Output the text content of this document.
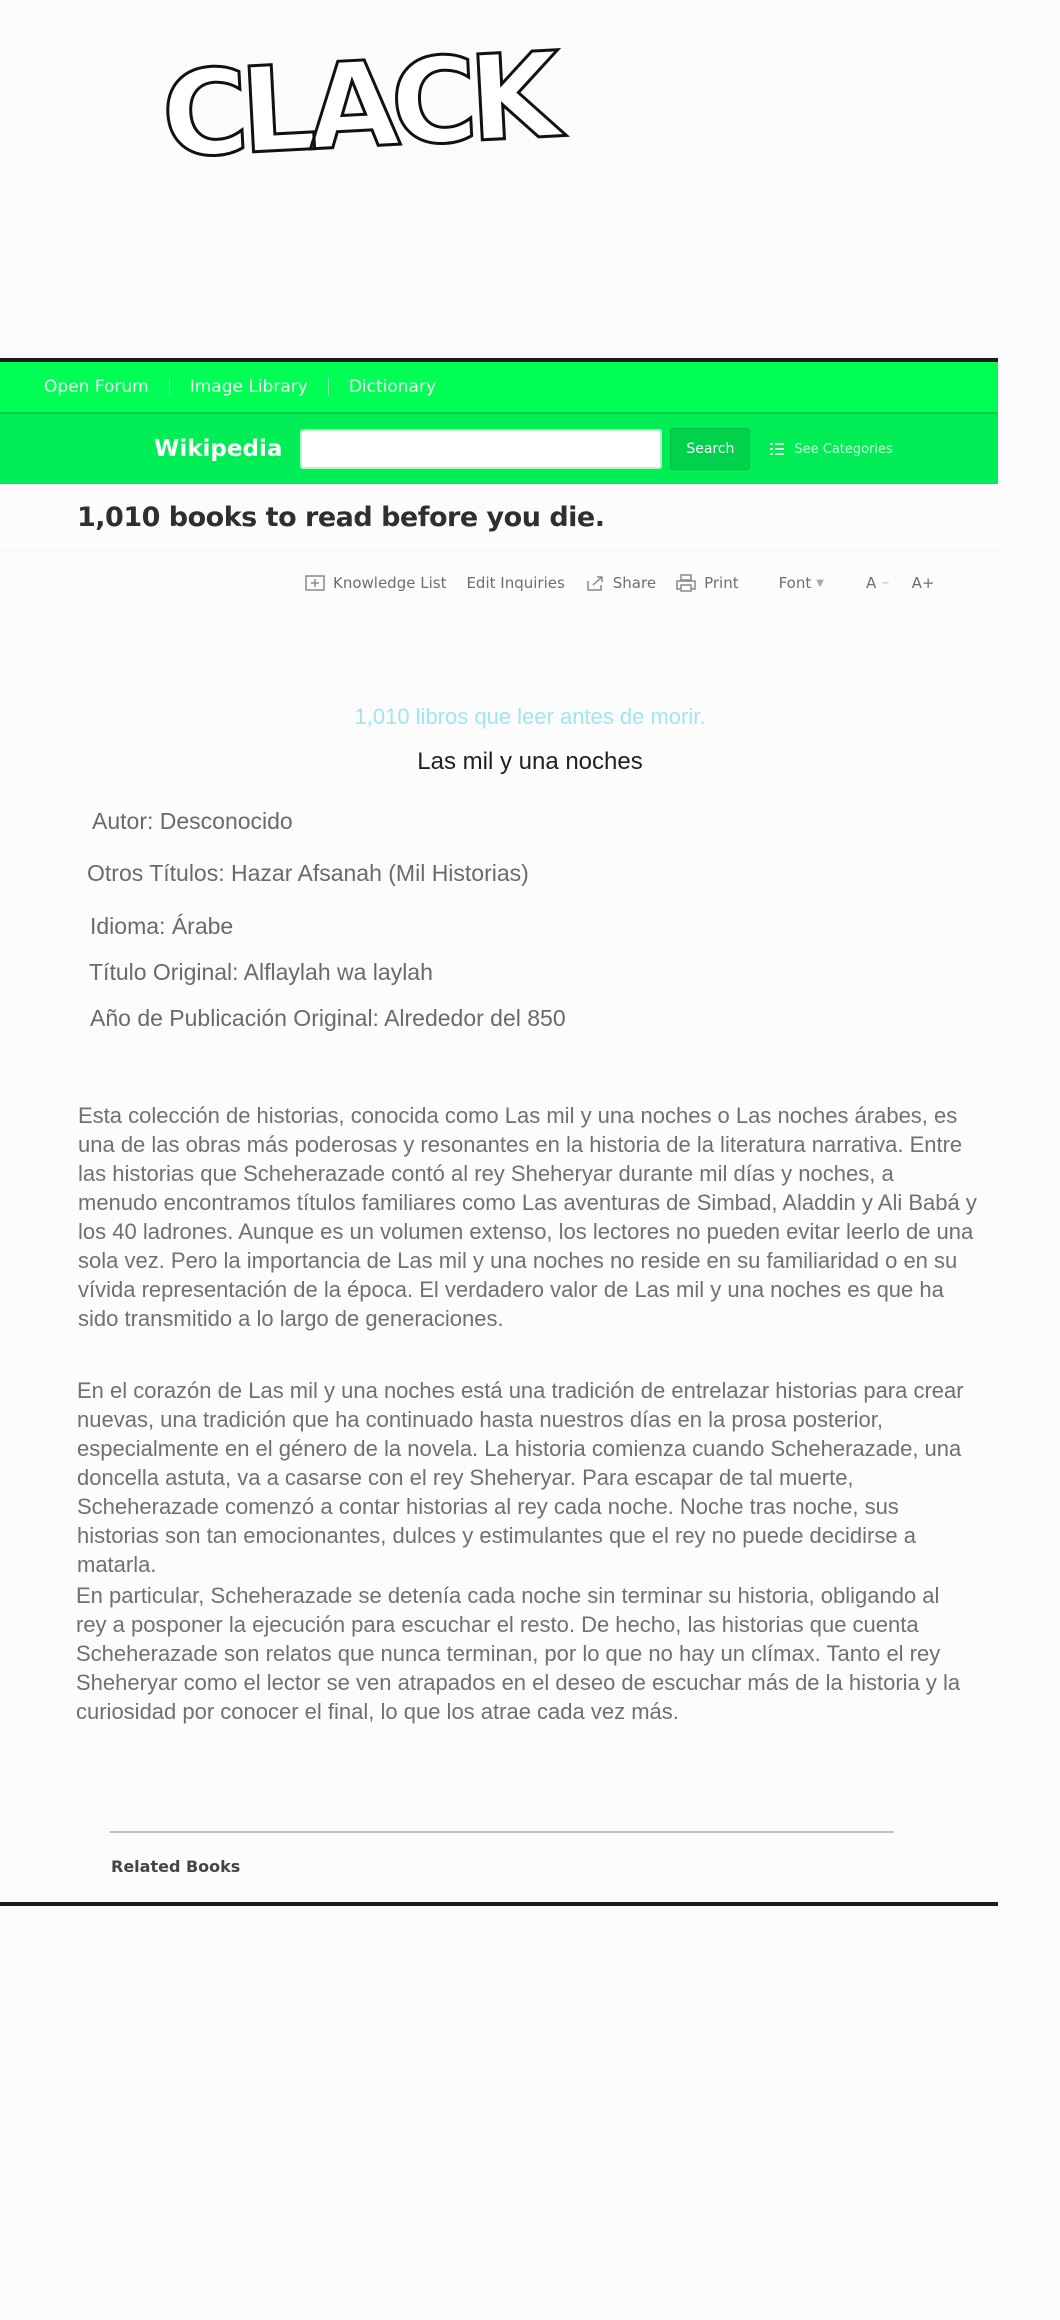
CLACK
Open Forum Image Library Dictionary
Wikipedia	Search	See Categories
1,010 books to read before you die.
Knowledge List Edit Inquiries	Share	Print	Font ▼	A − A+
1,010 libros que leer antes de morir.
Las mil y una noches
Autor: Desconocido
Otros Títulos: Hazar Afsanah (Mil Historias)
Idioma: Árabe
Título Original: Alflaylah wa laylah
Año de Publicación Original: Alrededor del 850

Esta colección de historias, conocida como Las mil y una noches o Las noches árabes, es una de las obras más poderosas y resonantes en la historia de la literatura narrativa. Entre las historias que Scheherazade contó al rey Sheheryar durante mil días y noches, a menudo encontramos títulos familiares como Las aventuras de Simbad, Aladdin y Ali Babá y los 40 ladrones. Aunque es un volumen extenso, los lectores no pueden evitar leerlo de una sola vez. Pero la importancia de Las mil y una noches no reside en su familiaridad o en su vívida representación de la época. El verdadero valor de Las mil y una noches es que ha sido transmitido a lo largo de generaciones.

En el corazón de Las mil y una noches está una tradición de entrelazar historias para crear nuevas, una tradición que ha continuado hasta nuestros días en la prosa posterior, especialmente en el género de la novela. La historia comienza cuando Scheherazade, una doncella astuta, va a casarse con el rey Sheheryar. Para escapar de tal muerte, Scheherazade comenzó a contar historias al rey cada noche. Noche tras noche, sus historias son tan emocionantes, dulces y estimulantes que el rey no puede decidirse a matarla.

En particular, Scheherazade se detenía cada noche sin terminar su historia, obligando al rey a posponer la ejecución para escuchar el resto. De hecho, las historias que cuenta Scheherazade son relatos que nunca terminan, por lo que no hay un clímax. Tanto el rey Sheheryar como el lector se ven atrapados en el deseo de escuchar más de la historia y la curiosidad por conocer el final, lo que los atrae cada vez más.

Related Books
